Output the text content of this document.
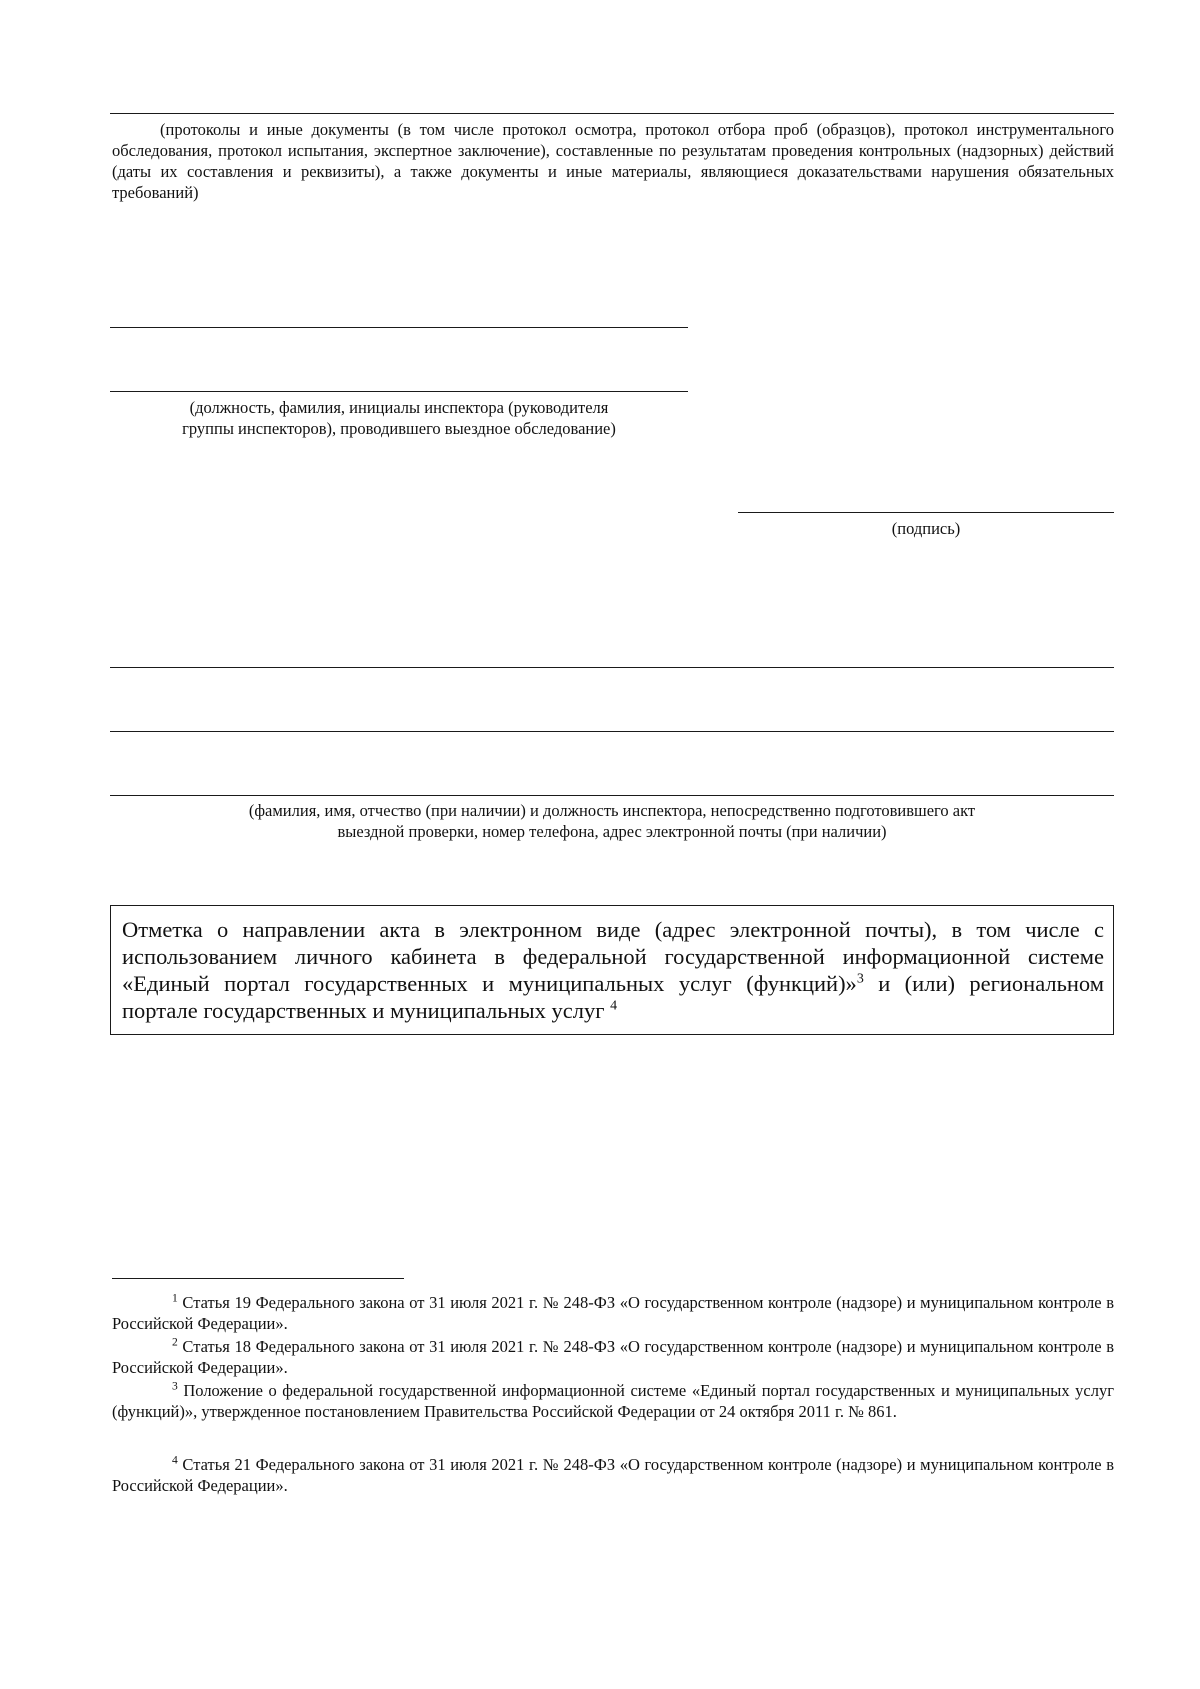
(протоколы и иные документы (в том числе протокол осмотра, протокол отбора проб (образцов), протокол инструментального обследования, протокол испытания, экспертное заключение), составленные по результатам проведения контрольных (надзорных) действий (даты их составления и реквизиты), а также документы и иные материалы, являющиеся доказательствами нарушения обязательных требований)
(должность, фамилия, инициалы инспектора (руководителя
группы инспекторов), проводившего выездное обследование)
(подпись)
(фамилия, имя, отчество (при наличии) и должность инспектора, непосредственно подготовившего акт
выездной проверки, номер телефона, адрес электронной почты (при наличии)
Отметка о направлении акта в электронном виде (адрес электронной почты), в том числе с использованием личного кабинета в федеральной государственной информационной системе «Единый портал государственных и муниципальных услуг (функций)»$^3$ и (или) региональном портале государственных и муниципальных услуг $^4$
$^1$ Статья 19 Федерального закона от 31 июля 2021 г. № 248-ФЗ «О государственном контроле (надзоре) и муниципальном контроле в Российской Федерации».
$^2$ Статья 18 Федерального закона от 31 июля 2021 г. № 248-ФЗ «О государственном контроле (надзоре) и муниципальном контроле в Российской Федерации».
$^3$ Положение о федеральной государственной информационной системе «Единый портал государственных и муниципальных услуг (функций)», утвержденное постановлением Правительства Российской Федерации от 24 октября 2011 г. № 861.
$^4$ Статья 21 Федерального закона от 31 июля 2021 г. № 248-ФЗ «О государственном контроле (надзоре) и муниципальном контроле в Российской Федерации».
